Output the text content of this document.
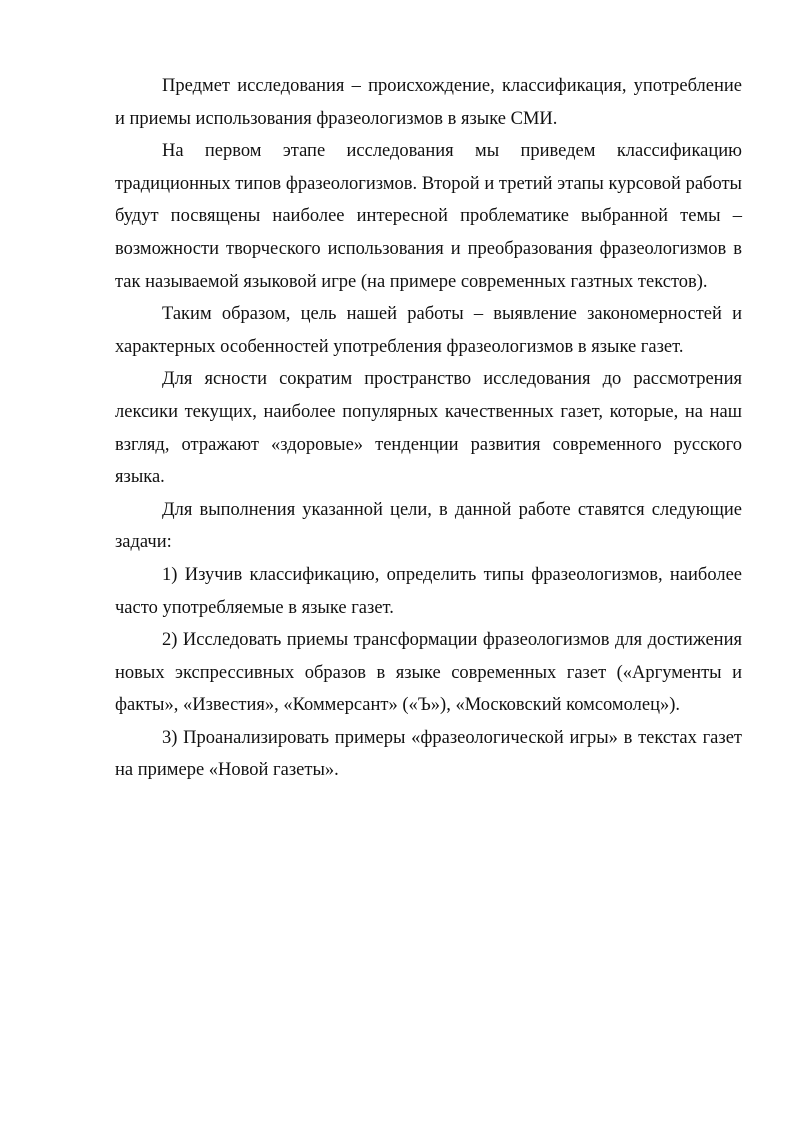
Предмет исследования – происхождение, классификация, употребление и приемы использования фразеологизмов в языке СМИ.

На первом этапе исследования мы приведем классификацию традиционных типов фразеологизмов. Второй и третий этапы курсовой работы будут посвящены наиболее интересной проблематике выбранной темы – возможности творческого использования и преобразования фразеологизмов в так называемой языковой игре (на примере современных газтных текстов).

Таким образом, цель нашей работы – выявление закономерностей и характерных особенностей употребления фразеологизмов в языке газет.

Для ясности сократим пространство исследования до рассмотрения лексики текущих, наиболее популярных качественных газет, которые, на наш взгляд, отражают «здоровые» тенденции развития современного русского языка.

Для выполнения указанной цели, в данной работе ставятся следующие задачи:

1) Изучив классификацию, определить типы фразеологизмов, наиболее часто употребляемые в языке газет.

2) Исследовать приемы трансформации фразеологизмов для достижения новых экспрессивных образов в языке современных газет («Аргументы и факты», «Известия», «Коммерсант» («Ъ»), «Московский комсомолец»).

3) Проанализировать примеры «фразеологической игры» в текстах газет на примере «Новой газеты».
